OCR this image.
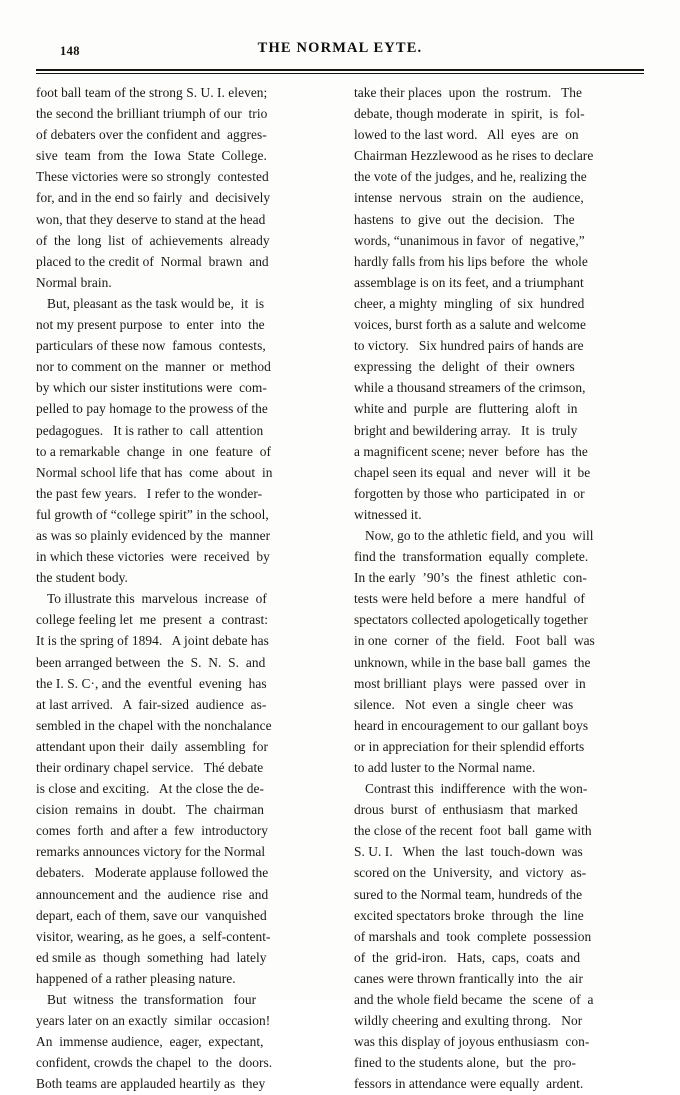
148	THE NORMAL EYTE.

foot ball team of the strong S. U. I. eleven;
the second the brilliant triumph of our  trio
of debaters over the confident and  aggres-
sive  team  from  the  Iowa  State  College.
These victories were so strongly  contested
for, and in the end so fairly  and  decisively
won, that they deserve to stand at the head
of  the  long  list  of  achievements  already
placed to the credit of  Normal  brawn  and
Normal brain.

But, pleasant as the task would be,  it  is
not my present purpose  to  enter  into  the
particulars of these now  famous  contests,
nor to comment on the  manner  or  method
by which our sister institutions were  com-
pelled to pay homage to the prowess of the
pedagogues.   It is rather to  call  attention
to a remarkable  change  in  one  feature  of
Normal school life that has  come  about  in
the past few years.   I refer to the wonder-
ful growth of “college spirit” in the school,
as was so plainly evidenced by the  manner
in which these victories  were  received  by
the student body.

To illustrate this  marvelous  increase  of
college feeling let  me  present  a  contrast:
It is the spring of 1894.   A joint debate has
been arranged between  the  S.  N.  S.  and
the I. S. C·, and the  eventful  evening  has
at last arrived.   A  fair-sized  audience  as-
sembled in the chapel with the nonchalance
attendant upon their  daily  assembling  for
their ordinary chapel service.   Thé debate
is close and exciting.   At the close the de-
cision  remains  in  doubt.   The  chairman
comes  forth  and after a  few  introductory
remarks announces victory for the Normal
debaters.   Moderate applause followed the
announcement and  the  audience  rise  and
depart, each of them, save our  vanquished
visitor, wearing, as he goes, a  self-content-
ed smile as  though  something  had  lately
happened of a rather pleasing nature.

But  witness  the  transformation   four
years later on an exactly  similar  occasion!
An  immense audience,  eager,  expectant,
confident, crowds the chapel  to  the  doors.
Both teams are applauded heartily as  they

take their places  upon  the  rostrum.   The
debate, though moderate  in  spirit,  is  fol-
lowed to the last word.   All  eyes  are  on
Chairman Hezzlewood as he rises to declare
the vote of the judges, and he, realizing the
intense  nervous   strain  on  the  audience,
hastens  to  give  out  the  decision.   The
words, “unanimous in favor  of  negative,”
hardly falls from his lips before  the  whole
assemblage is on its feet, and a triumphant
cheer, a mighty  mingling  of  six  hundred
voices, burst forth as a salute and welcome
to victory.   Six hundred pairs of hands are
expressing  the  delight  of  their  owners
while a thousand streamers of the crimson,
white and  purple  are  fluttering  aloft  in
bright and bewildering array.   It  is  truly
a magnificent scene; never  before  has  the
chapel seen its equal  and  never  will  it  be
forgotten by those who  participated  in  or
witnessed it.

Now, go to the athletic field, and you  will
find the  transformation  equally  complete.
In the early  ’90’s  the  finest  athletic  con-
tests were held before  a  mere  handful  of
spectators collected apologetically together
in one  corner  of  the  field.   Foot  ball  was
unknown, while in the base ball  games  the
most brilliant  plays  were  passed  over  in
silence.   Not  even  a  single  cheer  was
heard in encouragement to our gallant boys
or in appreciation for their splendid efforts
to add luster to the Normal name.

Contrast this  indifference  with the won-
drous  burst  of  enthusiasm  that  marked
the close of the recent  foot  ball  game with
S. U. I.   When  the  last  touch-down  was
scored on the  University,  and  victory  as-
sured to the Normal team, hundreds of the
excited spectators broke  through  the  line
of marshals and  took  complete  possession
of  the  grid-iron.   Hats,  caps,  coats  and
canes were thrown frantically into  the  air
and the whole field became  the  scene  of  a
wildly cheering and exulting throng.   Nor
was this display of joyous enthusiasm  con-
fined to the students alone,  but  the  pro-
fessors in attendance were equally  ardent.
